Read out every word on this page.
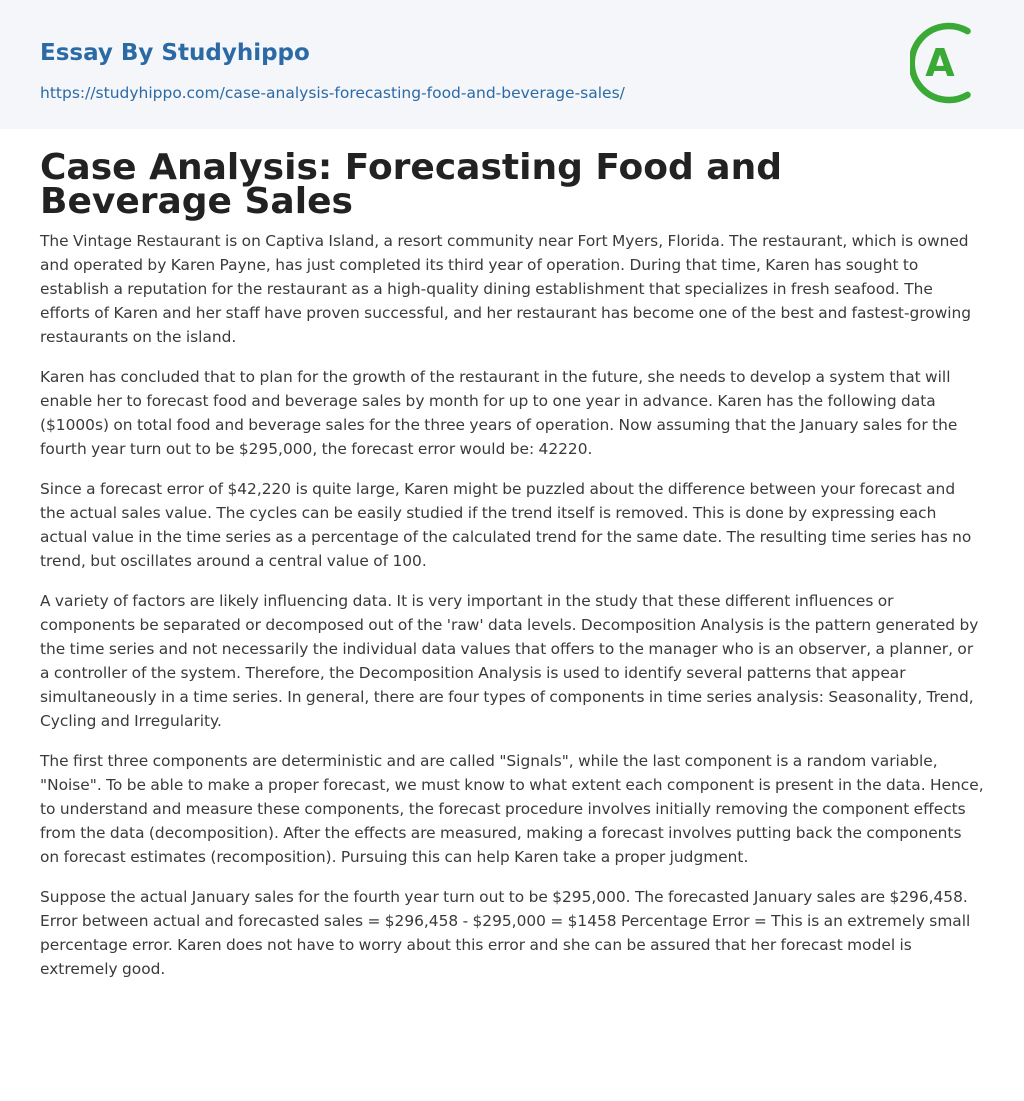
Essay By Studyhippo
https://studyhippo.com/case-analysis-forecasting-food-and-beverage-sales/
A
Case Analysis: Forecasting Food and Beverage Sales

The Vintage Restaurant is on Captiva Island, a resort community near Fort Myers, Florida. The restaurant, which is owned and operated by Karen Payne, has just completed its third year of operation. During that time, Karen has sought to establish a reputation for the restaurant as a high-quality dining establishment that specializes in fresh seafood. The efforts of Karen and her staff have proven successful, and her restaurant has become one of the best and fastest-growing restaurants on the island.

Karen has concluded that to plan for the growth of the restaurant in the future, she needs to develop a system that will enable her to forecast food and beverage sales by month for up to one year in advance. Karen has the following data ($1000s) on total food and beverage sales for the three years of operation. Now assuming that the January sales for the fourth year turn out to be $295,000, the forecast error would be: 42220.

Since a forecast error of $42,220 is quite large, Karen might be puzzled about the difference between your forecast and the actual sales value. The cycles can be easily studied if the trend itself is removed. This is done by expressing each actual value in the time series as a percentage of the calculated trend for the same date. The resulting time series has no trend, but oscillates around a central value of 100.

A variety of factors are likely influencing data. It is very important in the study that these different influences or components be separated or decomposed out of the 'raw' data levels. Decomposition Analysis is the pattern generated by the time series and not necessarily the individual data values that offers to the manager who is an observer, a planner, or a controller of the system. Therefore, the Decomposition Analysis is used to identify several patterns that appear simultaneously in a time series. In general, there are four types of components in time series analysis: Seasonality, Trend, Cycling and Irregularity.

The first three components are deterministic and are called "Signals", while the last component is a random variable, "Noise". To be able to make a proper forecast, we must know to what extent each component is present in the data. Hence, to understand and measure these components, the forecast procedure involves initially removing the component effects from the data (decomposition). After the effects are measured, making a forecast involves putting back the components on forecast estimates (recomposition). Pursuing this can help Karen take a proper judgment.

Suppose the actual January sales for the fourth year turn out to be $295,000. The forecasted January sales are $296,458. Error between actual and forecasted sales = $296,458 - $295,000 = $1458 Percentage Error = This is an extremely small percentage error. Karen does not have to worry about this error and she can be assured that her forecast model is extremely good.
